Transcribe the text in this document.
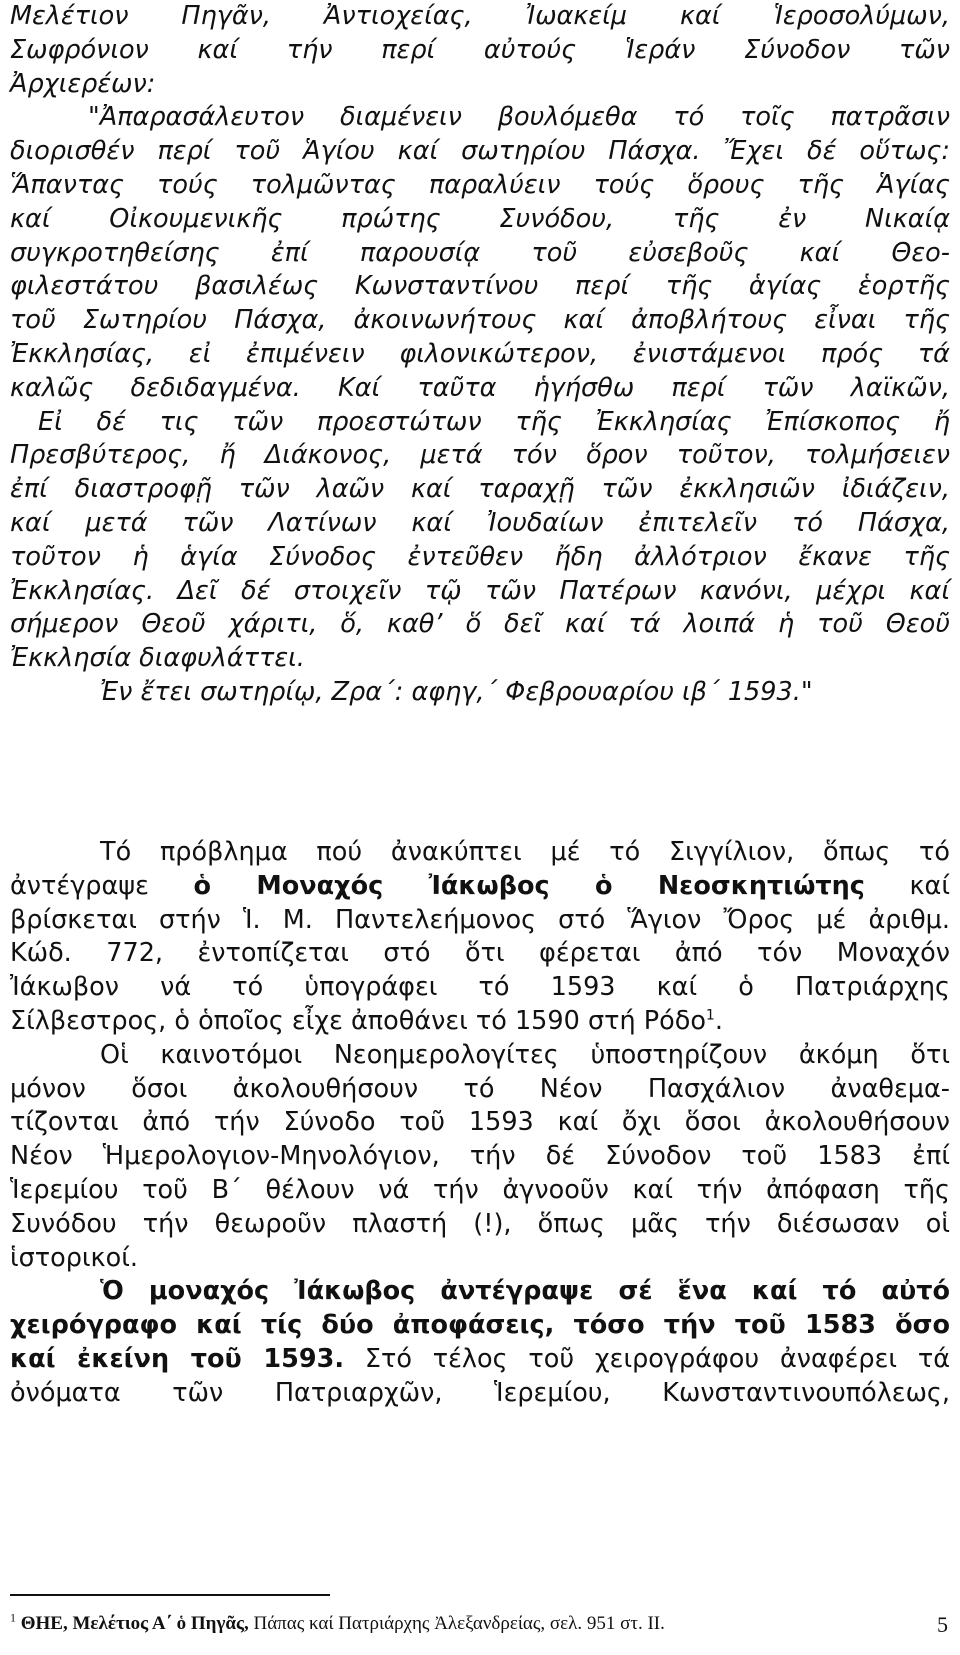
Μελέτιον Πηγᾶν, Ἀντιοχείας, Ἰωακείμ καί Ἱεροσολύμων,
Σωφρόνιον καί τήν περί αὐτούς Ἱεράν Σύνοδον τῶν
Ἀρχιερέων:
"Ἀπαρασάλευτον διαμένειν βουλόμεθα τό τοῖς πατρᾶσιν
διορισθέν περί τοῦ Ἁγίου καί σωτηρίου Πάσχα. Ἔχει δέ οὕτως:
Ἅπαντας τούς τολμῶντας παραλύειν τούς ὅρους τῆς Ἁγίας
καί Οἰκουμενικῆς πρώτης Συνόδου, τῆς ἐν Νικαίᾳ
συγκροτηθείσης ἐπί παρουσίᾳ τοῦ εὐσεβοῦς καί Θεο-
φιλεστάτου βασιλέως Κωνσταντίνου περί τῆς ἁγίας ἑορτῆς
τοῦ Σωτηρίου Πάσχα, ἀκοινωνήτους καί ἀποβλήτους εἶναι τῆς
Ἐκκλησίας, εἰ ἐπιμένειν φιλονικώτερον, ἐνιστάμενοι πρός τά
καλῶς δεδιδαγμένα. Καί ταῦτα ἡγήσθω περί τῶν λαϊκῶν,
Εἰ δέ τις τῶν προεστώτων τῆς Ἐκκλησίας Ἐπίσκοπος ἤ
Πρεσβύτερος, ἤ Διάκονος, μετά τόν ὅρον τοῦτον, τολμήσειεν
ἐπί διαστροφῇ τῶν λαῶν καί ταραχῇ τῶν ἐκκλησιῶν ἰδιάζειν,
καί μετά τῶν Λατίνων καί Ἰουδαίων ἐπιτελεῖν τό Πάσχα,
τοῦτον ἡ ἁγία Σύνοδος ἐντεῦθεν ἤδη ἀλλότριον ἔκανε τῆς
Ἐκκλησίας. Δεῖ δέ στοιχεῖν τῷ τῶν Πατέρων κανόνι, μέχρι καί
σήμερον Θεοῦ χάριτι, ὅ, καθ’ ὅ δεῖ καί τά λοιπά ἡ τοῦ Θεοῦ
Ἐκκλησία διαφυλάττει.
Ἐν ἔτει σωτηρίῳ, Ζρα΄: αφηγ,΄ Φεβρουαρίου ιβ΄ 1593."
Τό πρόβλημα πού ἀνακύπτει μέ τό Σιγγίλιον, ὅπως τό
ἀντέγραψε ὁ Μοναχός Ἰάκωβος ὁ Νεοσκητιώτης καί
βρίσκεται στήν Ἱ. Μ. Παντελεήμονος στό Ἅγιον Ὄρος μέ ἀριθμ.
Κώδ. 772, ἐντοπίζεται στό ὅτι φέρεται ἀπό τόν Μοναχόν
Ἰάκωβον νά τό ὑπογράφει τό 1593 καί ὁ Πατριάρχης
Σίλβεστρος, ὁ ὁποῖος εἶχε ἀποθάνει τό 1590 στή Ρόδο$^1$.
Οἱ καινοτόμοι Νεοημερολογίτες ὑποστηρίζουν ἀκόμη ὅτι
μόνον ὅσοι ἀκολουθήσουν τό Νέον Πασχάλιον ἀναθεμα-
τίζονται ἀπό τήν Σύνοδο τοῦ 1593 καί ὄχι ὅσοι ἀκολουθήσουν
Νέον Ἡμερολογιον-Μηνολόγιον, τήν δέ Σύνοδον τοῦ 1583 ἐπί
Ἱερεμίου τοῦ Β΄ θέλουν νά τήν ἀγνοοῦν καί τήν ἀπόφαση τῆς
Συνόδου τήν θεωροῦν πλαστή (!), ὅπως μᾶς τήν διέσωσαν οἱ
ἱστορικοί.
Ὁ μοναχός Ἰάκωβος ἀντέγραψε σέ ἕνα καί τό αὐτό
χειρόγραφο καί τίς δύο ἀποφάσεις, τόσο τήν τοῦ 1583 ὅσο
καί ἐκείνη τοῦ 1593. Στό τέλος τοῦ χειρογράφου ἀναφέρει τά
ὀνόματα τῶν Πατριαρχῶν, Ἱερεμίου, Κωνσταντινουπόλεως,
$^1$ ΘΗΕ, Μελέτιος Α΄ ὁ Πηγᾶς, Πάπας καί Πατριάρχης Ἀλεξανδρείας, σελ. 951 στ. ΙΙ.	5
